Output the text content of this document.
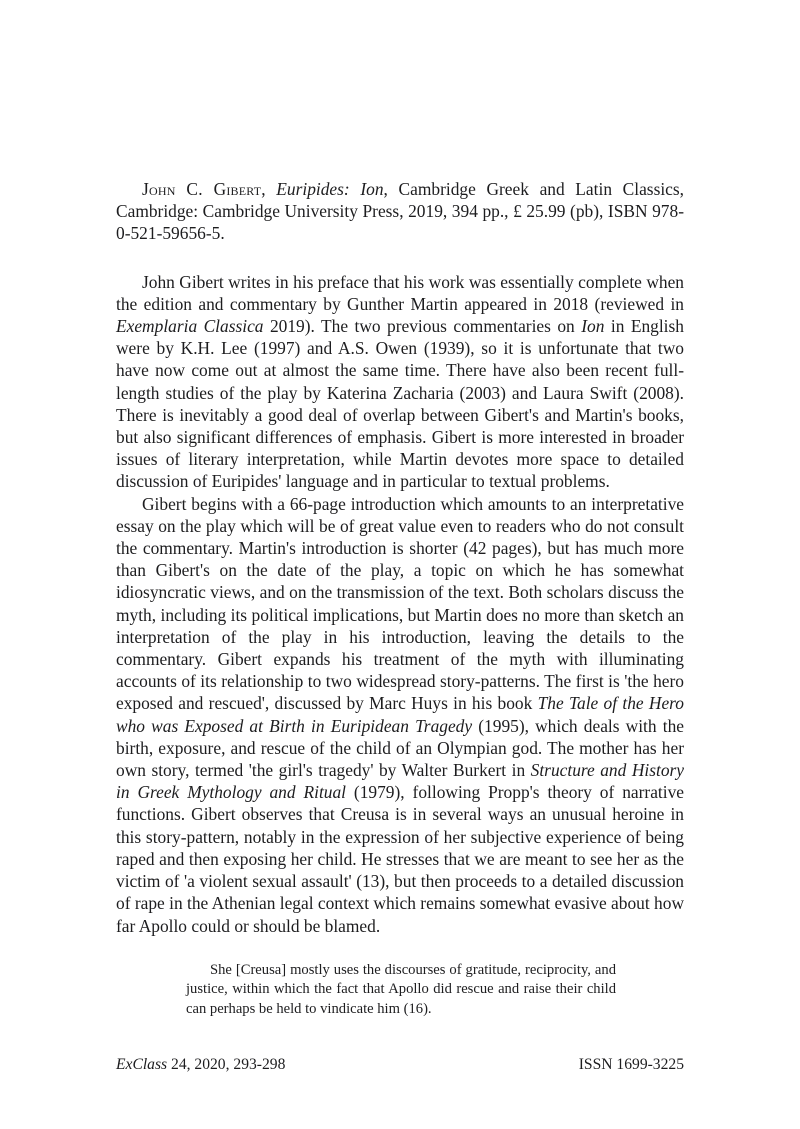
John C. Gibert, Euripides: Ion, Cambridge Greek and Latin Classics, Cambridge: Cambridge University Press, 2019, 394 pp., £ 25.99 (pb), ISBN 978-0-521-59656-5.

John Gibert writes in his preface that his work was essentially complete when the edition and commentary by Gunther Martin appeared in 2018 (reviewed in Exemplaria Classica 2019). The two previous commentaries on Ion in English were by K.H. Lee (1997) and A.S. Owen (1939), so it is unfortunate that two have now come out at almost the same time. There have also been recent full-length studies of the play by Katerina Zacharia (2003) and Laura Swift (2008). There is inevitably a good deal of overlap between Gibert's and Martin's books, but also significant differences of emphasis. Gibert is more interested in broader issues of literary interpretation, while Martin devotes more space to detailed discussion of Euripides' language and in particular to textual problems.

Gibert begins with a 66-page introduction which amounts to an interpretative essay on the play which will be of great value even to readers who do not consult the commentary. Martin's introduction is shorter (42 pages), but has much more than Gibert's on the date of the play, a topic on which he has somewhat idiosyncratic views, and on the transmission of the text. Both scholars discuss the myth, including its political implications, but Martin does no more than sketch an interpretation of the play in his introduction, leaving the details to the commentary. Gibert expands his treatment of the myth with illuminating accounts of its relationship to two widespread story-patterns. The first is 'the hero exposed and rescued', discussed by Marc Huys in his book The Tale of the Hero who was Exposed at Birth in Euripidean Tragedy (1995), which deals with the birth, exposure, and rescue of the child of an Olympian god. The mother has her own story, termed 'the girl's tragedy' by Walter Burkert in Structure and History in Greek Mythology and Ritual (1979), following Propp's theory of narrative functions. Gibert observes that Creusa is in several ways an unusual heroine in this story-pattern, notably in the expression of her subjective experience of being raped and then exposing her child. He stresses that we are meant to see her as the victim of 'a violent sexual assault' (13), but then proceeds to a detailed discussion of rape in the Athenian legal context which remains somewhat evasive about how far Apollo could or should be blamed.

She [Creusa] mostly uses the discourses of gratitude, reciprocity, and justice, within which the fact that Apollo did rescue and raise their child can perhaps be held to vindicate him (16).
ExClass 24, 2020, 293-298	ISSN 1699-3225
